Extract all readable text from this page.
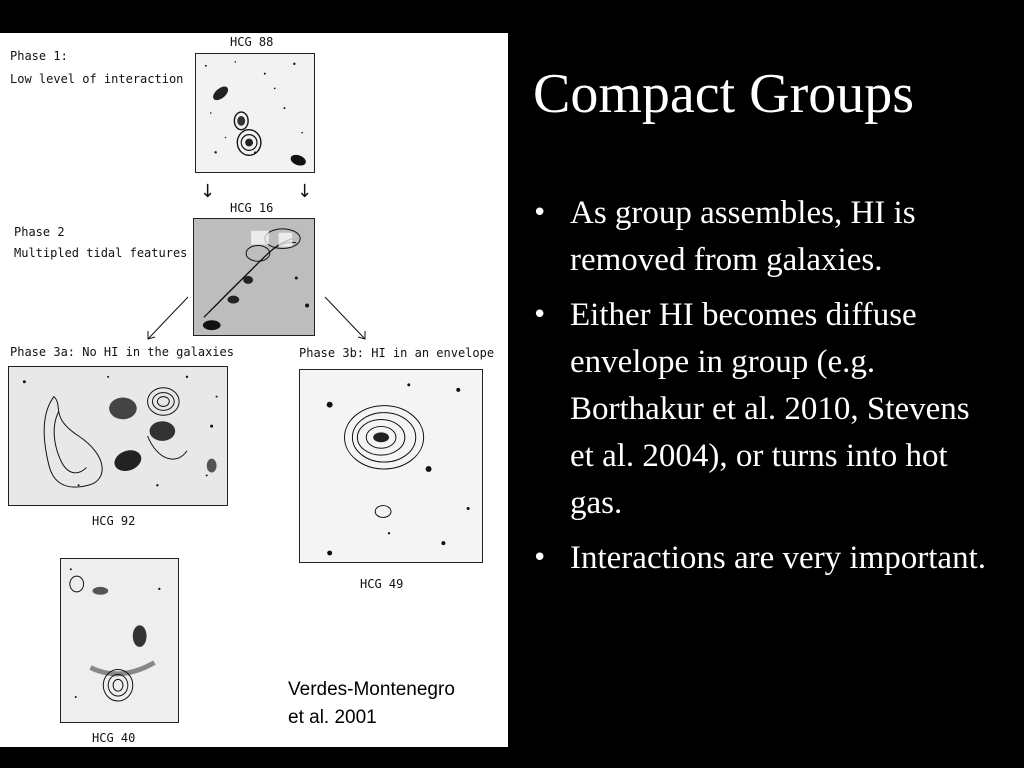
Phase 1:
Low level of interaction
HCG 88
↓	↓
Phase 2
Multipled tidal features
HCG 16
Phase 3a: No HI in the galaxies
HCG 92
Phase 3b: HI in an envelope
HCG 49
HCG 40
Verdes-Montenegro
et al. 2001
Compact Groups
• As group assembles, HI is removed from galaxies.
• Either HI becomes diffuse envelope in group (e.g. Borthakur et al. 2010, Stevens et al. 2004), or turns into hot gas.
• Interactions are very important.
